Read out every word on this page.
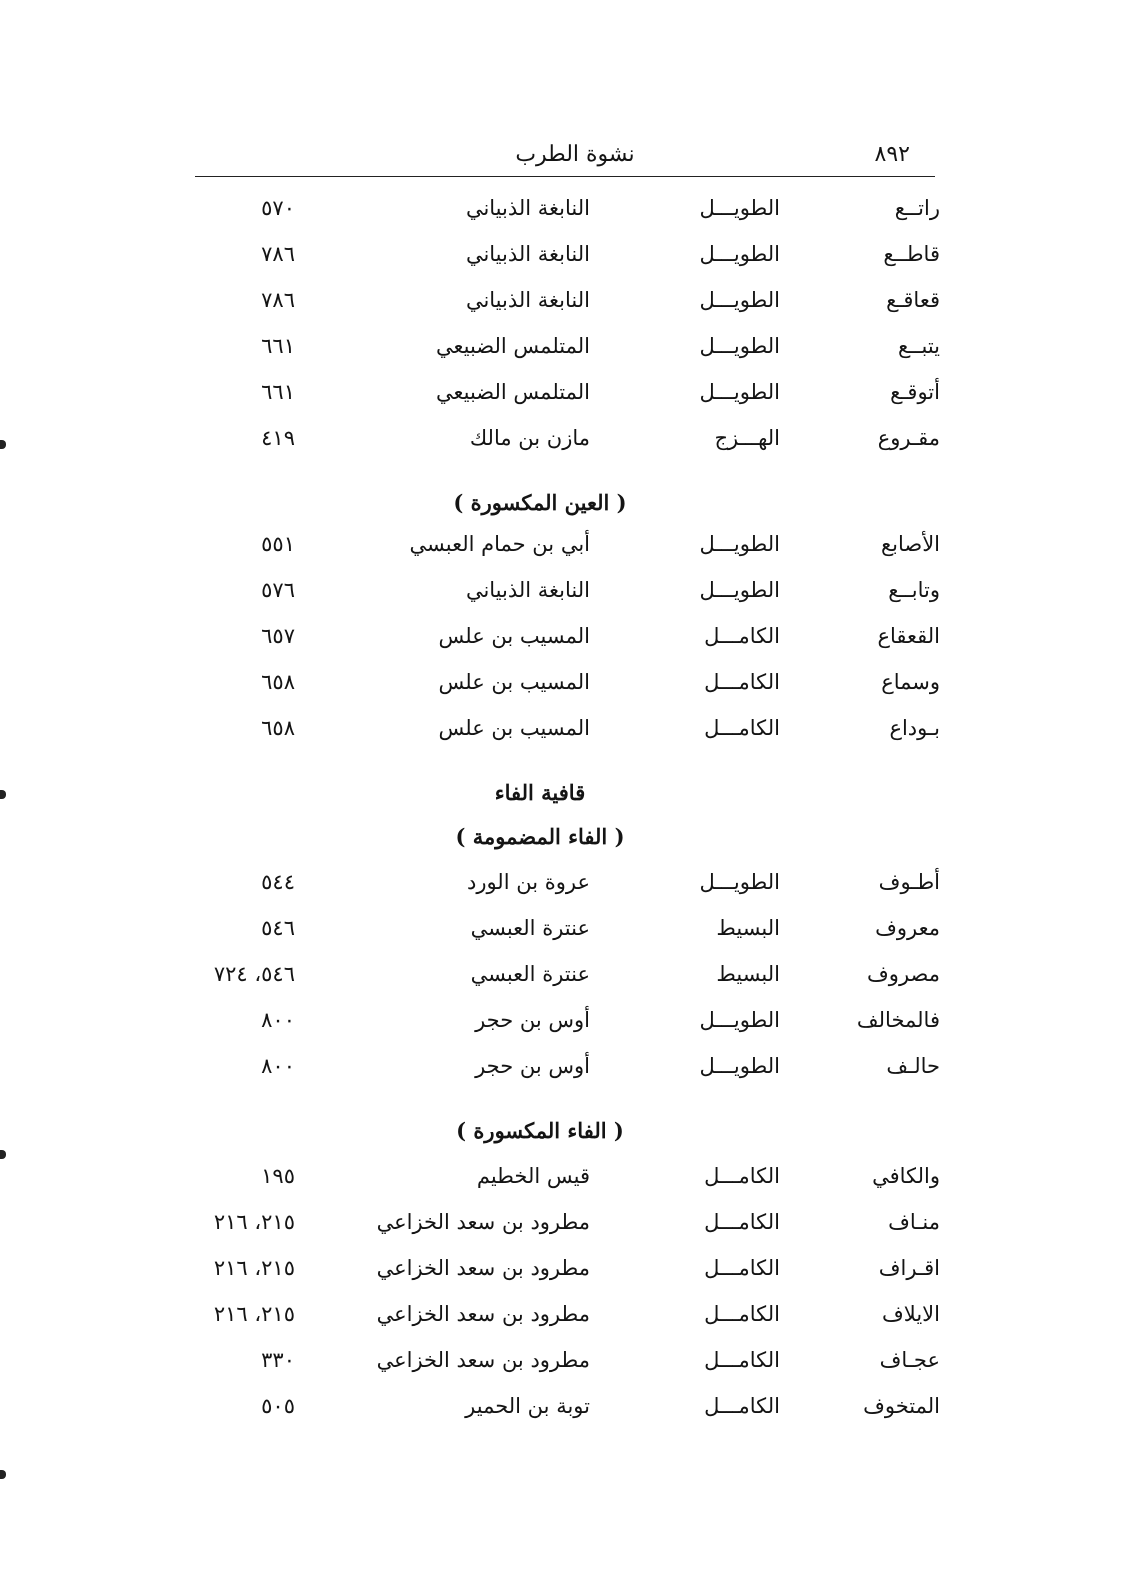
٨٩٢
نشوة الطرب
راتــع
الطويـــل
النابغة الذبياني
٥٧٠
قاطــع
الطويـــل
النابغة الذبياني
٧٨٦
قعاقـع
الطويـــل
النابغة الذبياني
٧٨٦
يتبــع
الطويـــل
المتلمس الضبيعي
٦٦١
أتوقـع
الطويـــل
المتلمس الضبيعي
٦٦١
مقـروع
الهـــزج
مازن بن مالك
٤١٩
( العين المكسورة )
الأصابع
الطويـــل
أبي بن حمام العبسي
٥٥١
وتابــع
الطويـــل
النابغة الذبياني
٥٧٦
القعقاع
الكامـــل
المسيب بن علس
٦٥٧
وسماع
الكامـــل
المسيب بن علس
٦٥٨
بـوداع
الكامـــل
المسيب بن علس
٦٥٨
قافية الفاء
( الفاء المضمومة )
أطـوف
الطويـــل
عروة بن الورد
٥٤٤
معروف
البسيط
عنترة العبسي
٥٤٦
مصروف
البسيط
عنترة العبسي
٥٤٦، ٧٢٤
فالمخالف
الطويـــل
أوس بن حجر
٨٠٠
حالـف
الطويـــل
أوس بن حجر
٨٠٠
( الفاء المكسورة )
والكافي
الكامـــل
قيس الخطيم
١٩٥
منـاف
الكامـــل
مطرود بن سعد الخزاعي
٢١٥، ٢١٦
اقـراف
الكامـــل
مطرود بن سعد الخزاعي
٢١٥، ٢١٦
الايلاف
الكامـــل
مطرود بن سعد الخزاعي
٢١٥، ٢١٦
عجـاف
الكامـــل
مطرود بن سعد الخزاعي
٣٣٠
المتخوف
الكامـــل
توبة بن الحمير
٥٠٥
